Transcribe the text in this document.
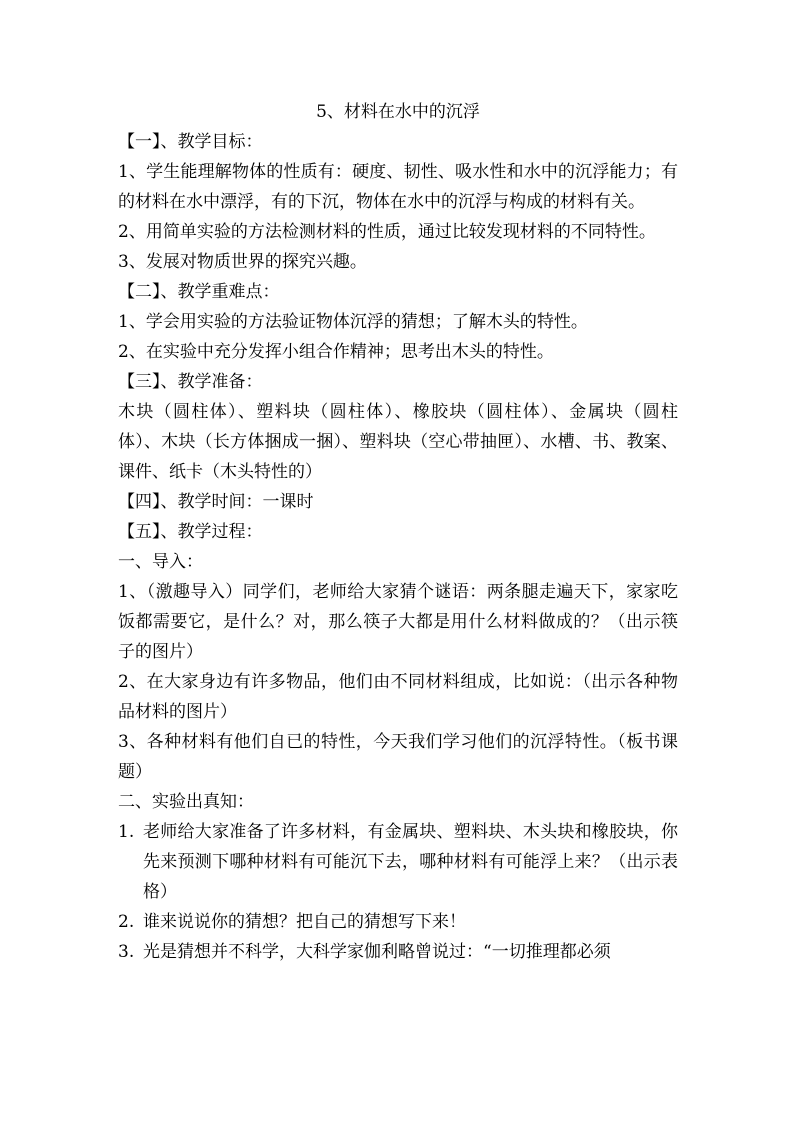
5、材料在水中的沉浮

【一】、教学目标：

1、学生能理解物体的性质有：硬度、韧性、吸水性和水中的沉浮能力；有的材料在水中漂浮，有的下沉，物体在水中的沉浮与构成的材料有关。

2、用简单实验的方法检测材料的性质，通过比较发现材料的不同特性。

3、发展对物质世界的探究兴趣。

【二】、教学重难点：

1、学会用实验的方法验证物体沉浮的猜想；了解木头的特性。

2、在实验中充分发挥小组合作精神；思考出木头的特性。

【三】、教学准备：

木块（圆柱体）、塑料块（圆柱体）、橡胶块（圆柱体）、金属块（圆柱体）、木块（长方体捆成一捆）、塑料块（空心带抽匣）、水槽、书、教案、课件、纸卡（木头特性的）

【四】、教学时间：一课时

【五】、教学过程：

一、导入：

1、（激趣导入）同学们，老师给大家猜个谜语：两条腿走遍天下，家家吃饭都需要它，是什么？对，那么筷子大都是用什么材料做成的？（出示筷子的图片）

2、在大家身边有许多物品，他们由不同材料组成，比如说：（出示各种物品材料的图片）

3、各种材料有他们自已的特性，今天我们学习他们的沉浮特性。（板书课题）

二、实验出真知：

1. 老师给大家准备了许多材料，有金属块、塑料块、木头块和橡胶块，你先来预测下哪种材料有可能沉下去，哪种材料有可能浮上来？（出示表格）
2. 谁来说说你的猜想？把自己的猜想写下来！
3. 光是猜想并不科学，大科学家伽利略曾说过：“一切推理都必须
